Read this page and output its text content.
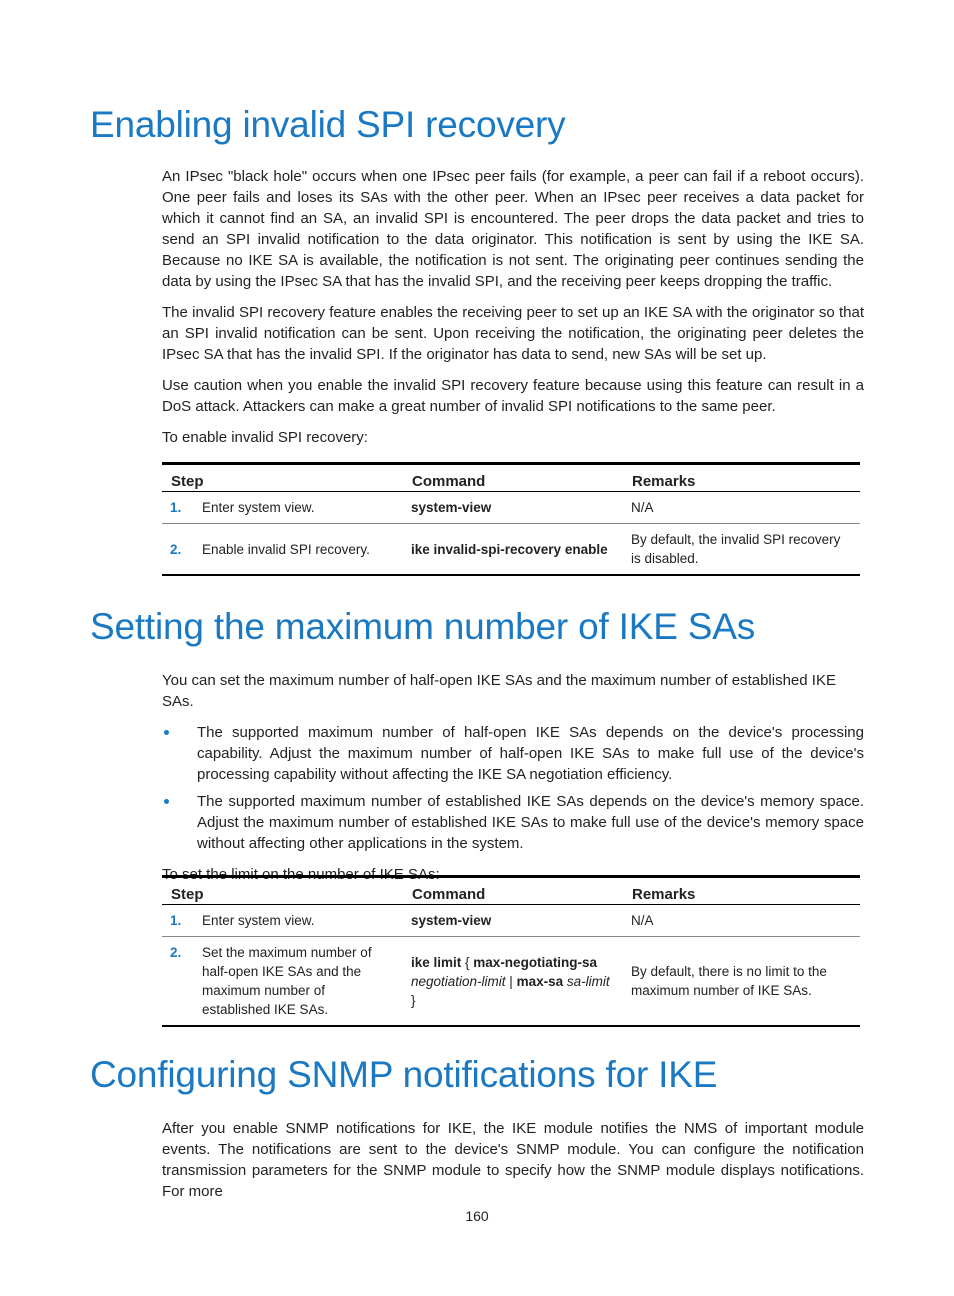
Enabling invalid SPI recovery

An IPsec "black hole" occurs when one IPsec peer fails (for example, a peer can fail if a reboot occurs). One peer fails and loses its SAs with the other peer. When an IPsec peer receives a data packet for which it cannot find an SA, an invalid SPI is encountered. The peer drops the data packet and tries to send an SPI invalid notification to the data originator. This notification is sent by using the IKE SA. Because no IKE SA is available, the notification is not sent. The originating peer continues sending the data by using the IPsec SA that has the invalid SPI, and the receiving peer keeps dropping the traffic.

The invalid SPI recovery feature enables the receiving peer to set up an IKE SA with the originator so that an SPI invalid notification can be sent. Upon receiving the notification, the originating peer deletes the IPsec SA that has the invalid SPI. If the originator has data to send, new SAs will be set up.

Use caution when you enable the invalid SPI recovery feature because using this feature can result in a DoS attack. Attackers can make a great number of invalid SPI notifications to the same peer.

To enable invalid SPI recovery:

Step	Command	Remarks

1. Enter system view.	system-view	N/A

2. Enable invalid SPI recovery.	ike invalid-spi-recovery enable	By default, the invalid SPI recovery is disabled.
Setting the maximum number of IKE SAs

You can set the maximum number of half-open IKE SAs and the maximum number of established IKE SAs.

The supported maximum number of half-open IKE SAs depends on the device's processing capability. Adjust the maximum number of half-open IKE SAs to make full use of the device's processing capability without affecting the IKE SA negotiation efficiency.
The supported maximum number of established IKE SAs depends on the device's memory space. Adjust the maximum number of established IKE SAs to make full use of the device's memory space without affecting other applications in the system.

To set the limit on the number of IKE SAs:

Step	Command	Remarks

1. Enter system view.	system-view	N/A

2. Set the maximum number of half-open IKE SAs and the maximum number of established IKE SAs.	ike limit { max-negotiating-sa negotiation-limit | max-sa sa-limit }	By default, there is no limit to the maximum number of IKE SAs.
Configuring SNMP notifications for IKE

After you enable SNMP notifications for IKE, the IKE module notifies the NMS of important module events. The notifications are sent to the device's SNMP module. You can configure the notification transmission parameters for the SNMP module to specify how the SNMP module displays notifications. For more

160
